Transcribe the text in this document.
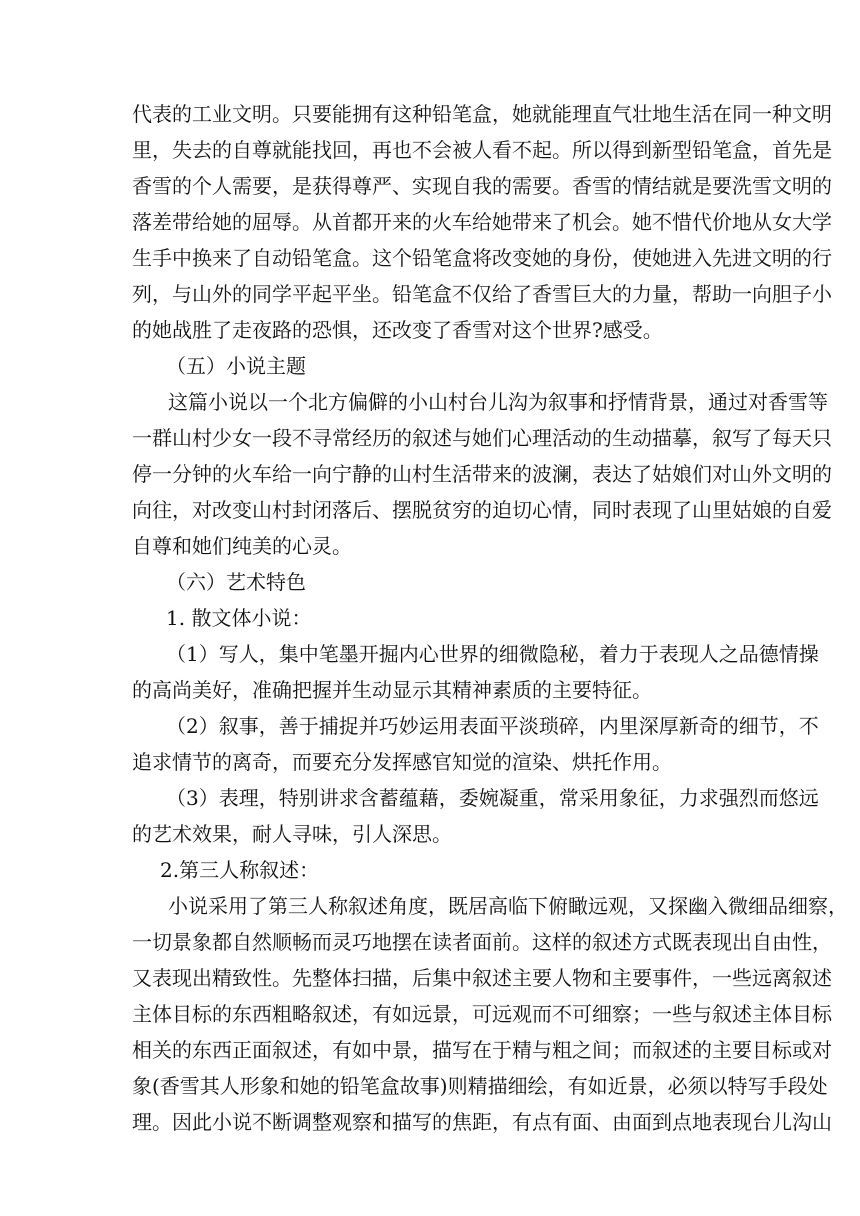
代表的工业文明。只要能拥有这种铅笔盒，她就能理直气壮地生活在同一种文明
里，失去的自尊就能找回，再也不会被人看不起。所以得到新型铅笔盒，首先是
香雪的个人需要，是获得尊严、实现自我的需要。香雪的情结就是要洗雪文明的
落差带给她的屈辱。从首都开来的火车给她带来了机会。她不惜代价地从女大学
生手中换来了自动铅笔盒。这个铅笔盒将改变她的身份，使她进入先进文明的行
列，与山外的同学平起平坐。铅笔盒不仅给了香雪巨大的力量，帮助一向胆子小
的她战胜了走夜路的恐惧，还改变了香雪对这个世界?感受。
（五）小说主题
这篇小说以一个北方偏僻的小山村台儿沟为叙事和抒情背景，通过对香雪等
一群山村少女一段不寻常经历的叙述与她们心理活动的生动描摹，叙写了每天只
停一分钟的火车给一向宁静的山村生活带来的波澜，表达了姑娘们对山外文明的
向往，对改变山村封闭落后、摆脱贫穷的迫切心情，同时表现了山里姑娘的自爱
自尊和她们纯美的心灵。
（六）艺术特色
1. 散文体小说：
（1）写人，集中笔墨开掘内心世界的细微隐秘，着力于表现人之品德情操
的高尚美好，准确把握并生动显示其精神素质的主要特征。
（2）叙事，善于捕捉并巧妙运用表面平淡琐碎，内里深厚新奇的细节，不
追求情节的离奇，而要充分发挥感官知觉的渲染、烘托作用。
（3）表理，特别讲求含蓄蕴藉，委婉凝重，常采用象征，力求强烈而悠远
的艺术效果，耐人寻味，引人深思。
2.第三人称叙述：
小说采用了第三人称叙述角度，既居高临下俯瞰远观，又探幽入微细品细察，
一切景象都自然顺畅而灵巧地摆在读者面前。这样的叙述方式既表现出自由性，
又表现出精致性。先整体扫描，后集中叙述主要人物和主要事件，一些远离叙述
主体目标的东西粗略叙述，有如远景，可远观而不可细察；一些与叙述主体目标
相关的东西正面叙述，有如中景，描写在于精与粗之间；而叙述的主要目标或对
象(香雪其人形象和她的铅笔盒故事)则精描细绘，有如近景，必须以特写手段处
理。因此小说不断调整观察和描写的焦距，有点有面、由面到点地表现台儿沟山
